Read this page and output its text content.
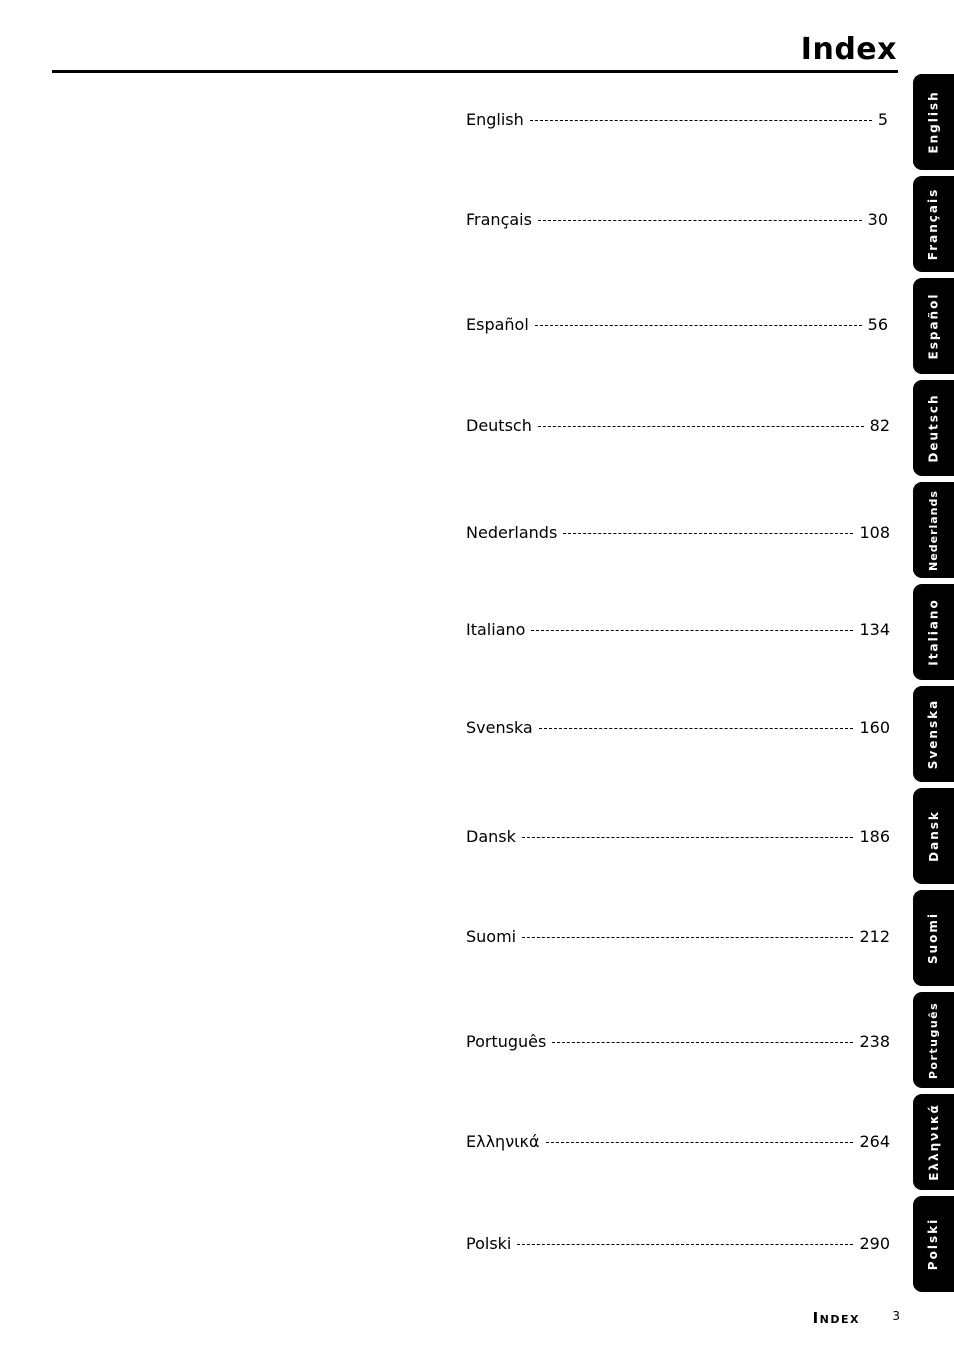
Index
English	5
Français	30
Español	56
Deutsch	82
Nederlands	108
Italiano	134
Svenska	160
Dansk	186
Suomi	212
Português	238
Ελληνικά	264
Polski	290
English
Français
Español
Deutsch
Nederlands
Italiano
Svenska
Dansk
Suomi
Português
Ελληνικά
Polski
Index	3
